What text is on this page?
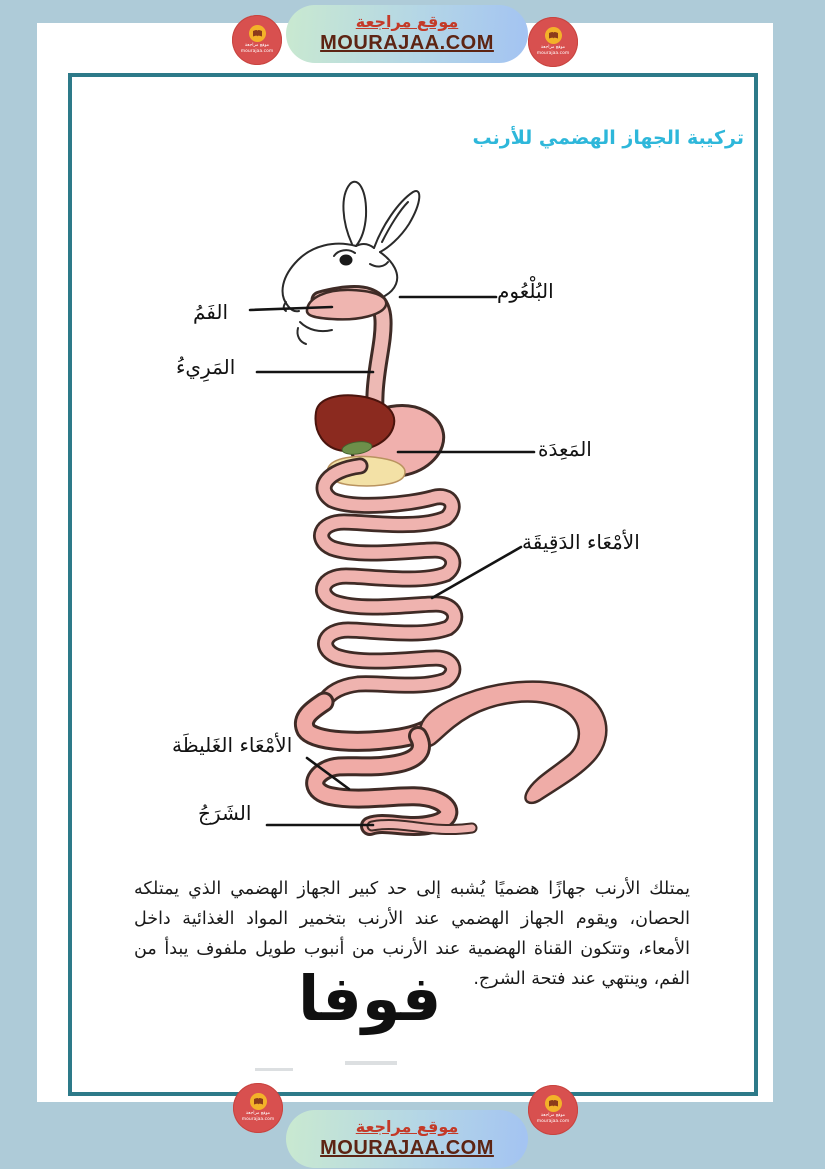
موقع مراجعة
MOURAJAA.COM
موقع مراجعة
mourajaa.com
موقع مراجعة
mourajaa.com
تركيبة الجهاز الهضمي للأرنب
البُلْعُوم
الفَمُ
المَرِيءُ
المَعِدَة
الأمْعَاء الدَقِيقَة
الأمْعَاء الغَليظَة
الشَرَجُ
يمتلك الأرنب جهازًا هضميًا يُشبه إلى حد كبير الجهاز الهضمي الذي يمتلكه الحصان، ويقوم الجهاز الهضمي عند الأرنب بتخمير المواد الغذائية داخل الأمعاء، وتتكون القناة الهضمية عند الأرنب من أنبوب طويل ملفوف يبدأ من الفم، وينتهي عند فتحة الشرج.
فوفا
موقع مراجعة
MOURAJAA.COM
موقع مراجعة
mourajaa.com
موقع مراجعة
mourajaa.com
